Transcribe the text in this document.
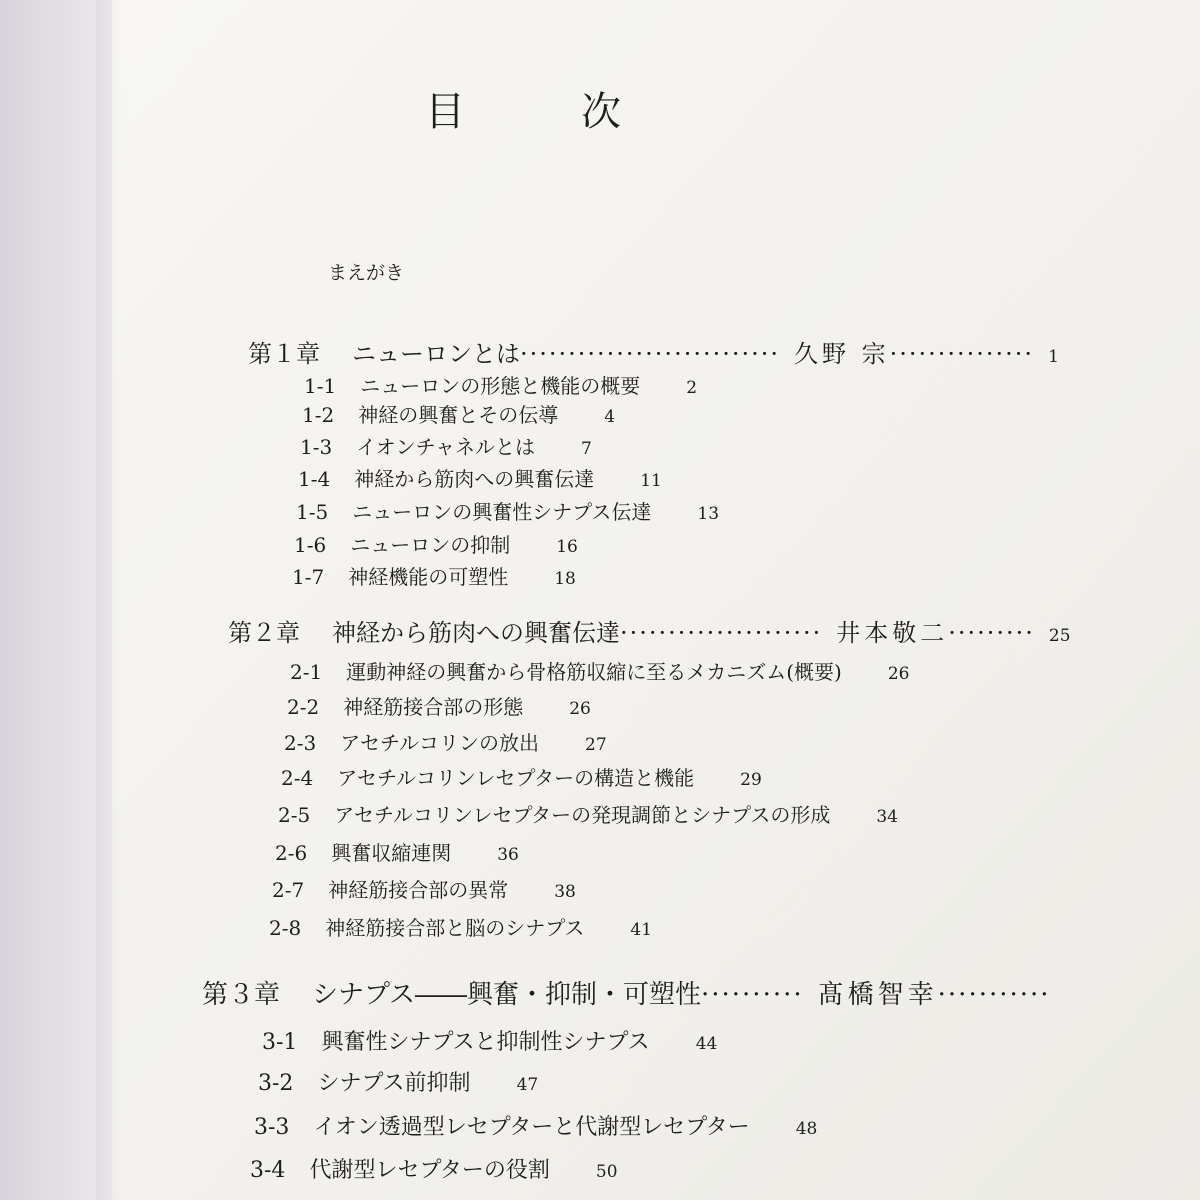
目　次
まえがき
第１章 ニューロンとは··························· 久野 宗··············· 1
1-1 ニューロンの形態と機能の概要	2
1-2 神経の興奮とその伝導	4
1-3 イオンチャネルとは	7
1-4 神経から筋肉への興奮伝達	11
1-5 ニューロンの興奮性シナプス伝達	13
1-6 ニューロンの抑制	16
1-7 神経機能の可塑性	18
第２章 神経から筋肉への興奮伝達····················· 井本敬二········· 25
2-1 運動神経の興奮から骨格筋収縮に至るメカニズム(概要)	26
2-2 神経筋接合部の形態	26
2-3 アセチルコリンの放出	27
2-4 アセチルコリンレセプターの構造と機能	29
2-5 アセチルコリンレセプターの発現調節とシナプスの形成	34
2-6 興奮収縮連関	36
2-7 神経筋接合部の異常	38
2-8 神経筋接合部と脳のシナプス	41
第３章 シナプス――興奮・抑制・可塑性·········· 髙橋智幸···········
3-1 興奮性シナプスと抑制性シナプス	44
3-2 シナプス前抑制	47
3-3 イオン透過型レセプターと代謝型レセプター	48
3-4 代謝型レセプターの役割	50
